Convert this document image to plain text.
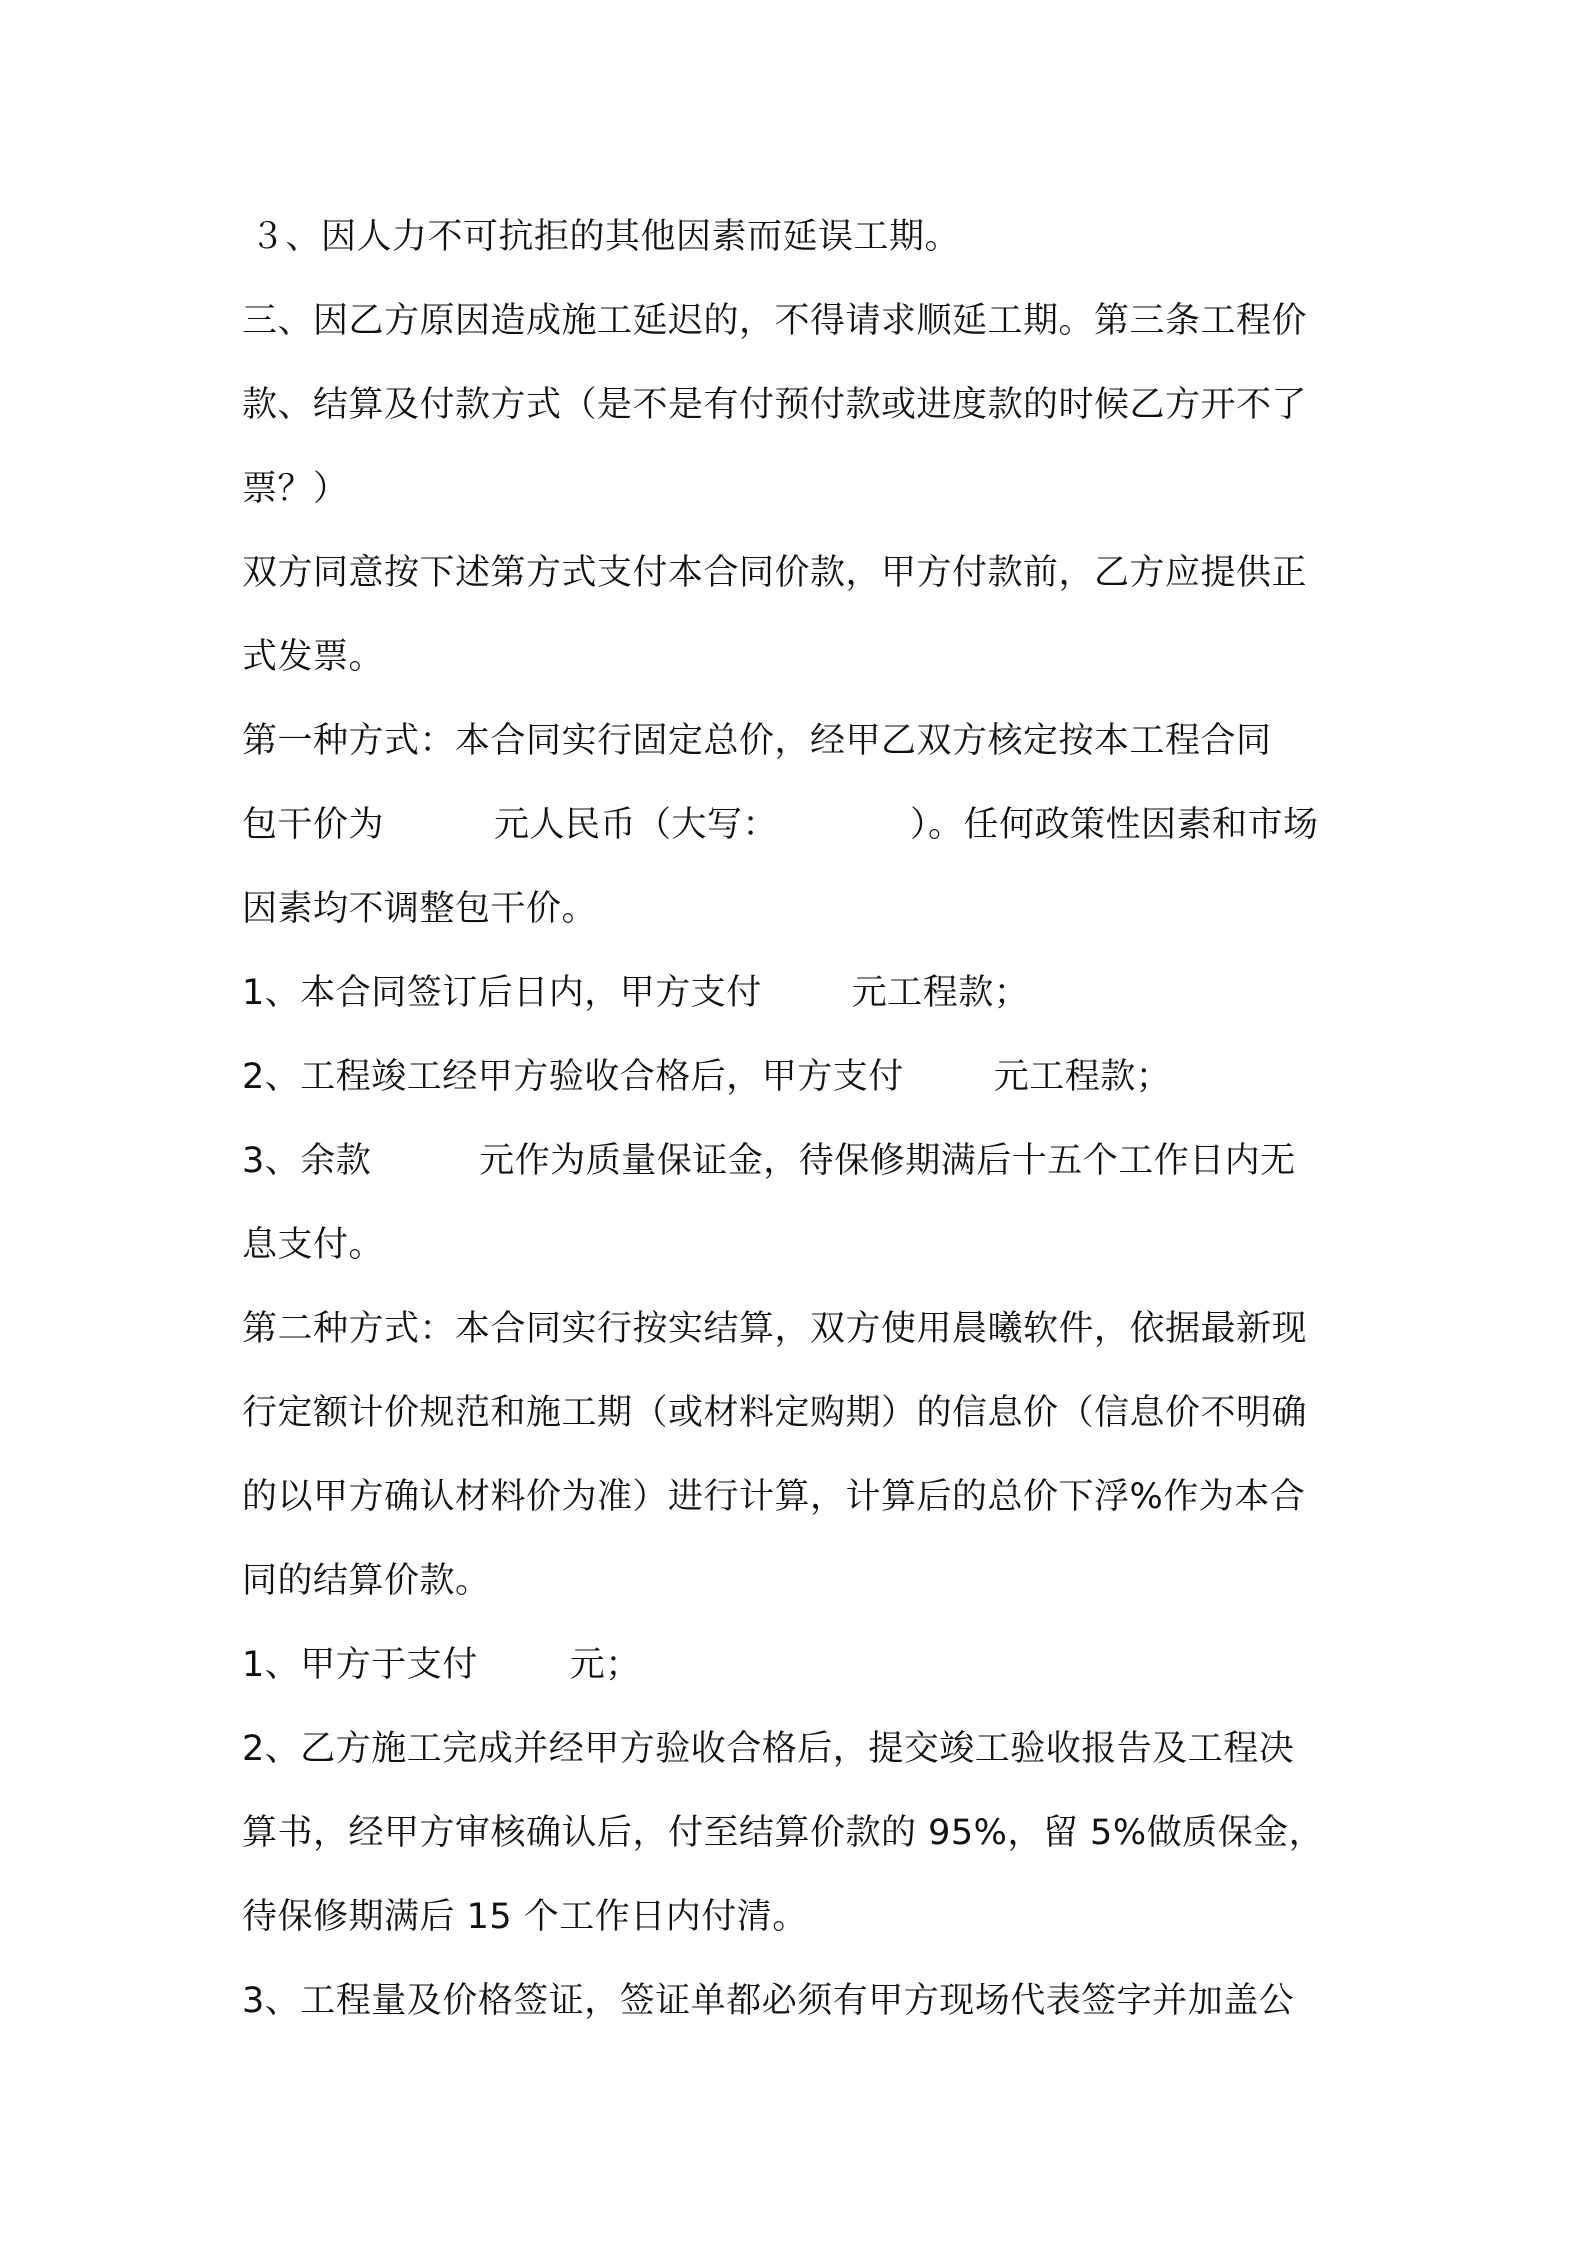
３、因人力不可抗拒的其他因素而延误工期。
三、因乙方原因造成施工延迟的，不得请求顺延工期。第三条工程价
款、结算及付款方式（是不是有付预付款或进度款的时候乙方开不了
票？）
双方同意按下述第方式支付本合同价款，甲方付款前，乙方应提供正
式发票。
第一种方式：本合同实行固定总价，经甲乙双方核定按本工程合同
包干价为	元人民币（大写：	）。任何政策性因素和市场
因素均不调整包干价。
1、本合同签订后日内，甲方支付	元工程款；
2、工程竣工经甲方验收合格后，甲方支付	元工程款；
3、余款	元作为质量保证金，待保修期满后十五个工作日内无
息支付。
第二种方式：本合同实行按实结算，双方使用晨曦软件，依据最新现
行定额计价规范和施工期（或材料定购期）的信息价（信息价不明确
的以甲方确认材料价为准）进行计算，计算后的总价下浮%作为本合
同的结算价款。
1、甲方于支付	元；
2、乙方施工完成并经甲方验收合格后，提交竣工验收报告及工程决
算书，经甲方审核确认后，付至结算价款的 95%，留 5%做质保金，
待保修期满后 15 个工作日内付清。
3、工程量及价格签证，签证单都必须有甲方现场代表签字并加盖公
